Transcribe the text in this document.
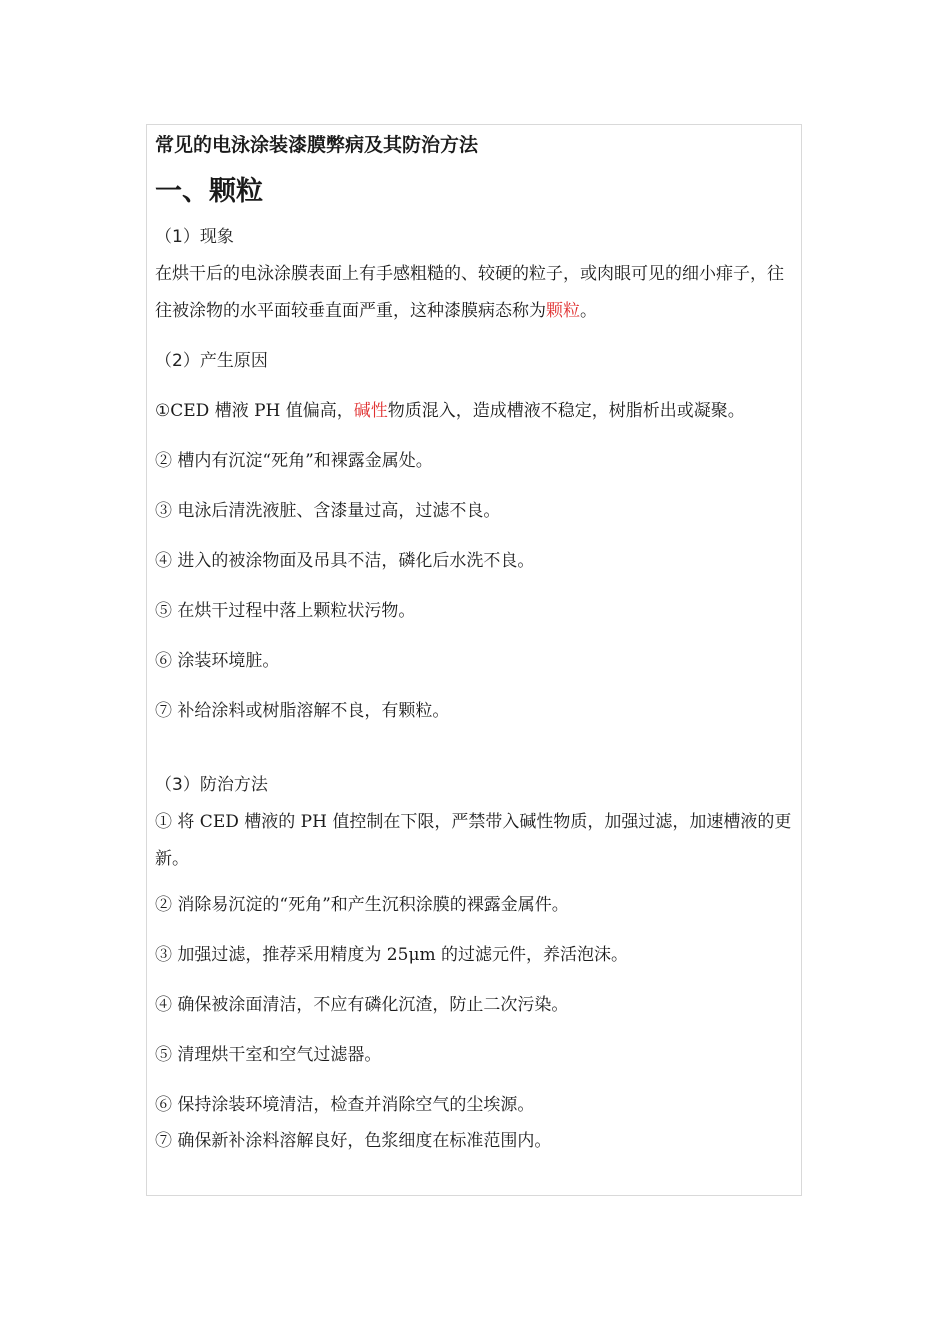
常见的电泳涂装漆膜弊病及其防治方法

一、颗粒

（1）现象

在烘干后的电泳涂膜表面上有手感粗糙的、较硬的粒子，或肉眼可见的细小痱子，往往被涂物的水平面较垂直面严重，这种漆膜病态称为颗粒。

（2）产生原因

①CED 槽液 PH 值偏高，碱性物质混入，造成槽液不稳定，树脂析出或凝聚。

② 槽内有沉淀“死角”和裸露金属处。

③ 电泳后清洗液脏、含漆量过高，过滤不良。

④ 进入的被涂物面及吊具不洁，磷化后水洗不良。

⑤ 在烘干过程中落上颗粒状污物。

⑥ 涂装环境脏。

⑦ 补给涂料或树脂溶解不良，有颗粒。

（3）防治方法

① 将 CED 槽液的 PH 值控制在下限，严禁带入碱性物质，加强过滤，加速槽液的更新。

② 消除易沉淀的“死角”和产生沉积涂膜的裸露金属件。

③ 加强过滤，推荐采用精度为 25μm 的过滤元件，养活泡沫。

④ 确保被涂面清洁，不应有磷化沉渣，防止二次污染。

⑤ 清理烘干室和空气过滤器。

⑥ 保持涂装环境清洁，检查并消除空气的尘埃源。

⑦ 确保新补涂料溶解良好，色浆细度在标准范围内。
